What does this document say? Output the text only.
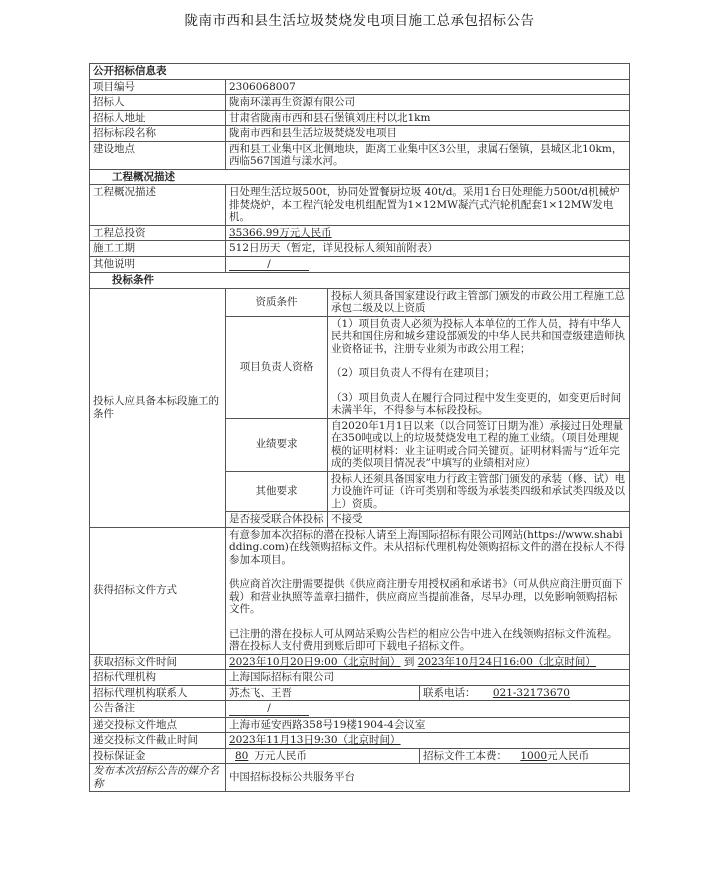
陇南市西和县生活垃圾焚烧发电项目施工总承包招标公告
公开招标信息表			
项目编号	2306068007		
招标人	陇南环漾再生资源有限公司		
招标人地址	甘肃省陇南市西和县石堡镇刘庄村以北1km		
招标标段名称	陇南市西和县生活垃圾焚烧发电项目		
建设地点	西和县工业集中区北侧地块，距离工业集中区3公里，隶属石堡镇，县城区北10km，西临567国道与漾水河。		
工程概况描述			
工程概况描述	日处理生活垃圾500t，协同处置餐厨垃圾 40t/d。采用1台日处理能力500t/d机械炉排焚烧炉，本工程汽轮发电机组配置为1×12MW凝汽式汽轮机配套1×12MW发电机。		
工程总投资	35366.99万元人民币		
施工工期	512日历天（暂定，详见投标人须知前附表）		
其他说明	/		
投标条件			
投标人应具备本标段施工的条件	资质条件	投标人须具备国家建设行政主管部门颁发的市政公用工程施工总承包二级及以上资质	
	项目负责人资格	（1）项目负责人必须为投标人本单位的工作人员，持有中华人民共和国住房和城乡建设部颁发的中华人民共和国壹级建造师执业资格证书，注册专业须为市政公用工程；

（2）项目负责人不得有在建项目；

（3）项目负责人在履行合同过程中发生变更的，如变更后时间未满半年，不得参与本标段投标。	

	业绩要求	自2020年1月1日以来（以合同签订日期为准）承接过日处理量在350吨或以上的垃圾焚烧发电工程的施工业绩。（项目处理规模的证明材料：业主证明或合同关键页。证明材料需与“近年完成的类似项目情况表”中填写的业绩相对应）	
	其他要求	投标人还须具备国家电力行政主管部门颁发的承装（修、试）电力设施许可证（许可类别和等级为承装类四级和承试类四级及以上）资质。	
	是否接受联合体投标	不接受	
获得招标文件方式	有意参加本次招标的潜在投标人请至上海国际招标有限公司网站(https://www.shabidding.com)在线领购招标文件。未从招标代理机构处领购招标文件的潜在投标人不得参加本项目。

供应商首次注册需要提供《供应商注册专用授权函和承诺书》（可从供应商注册页面下载）和营业执照等盖章扫描件，供应商应当提前准备，尽早办理，以免影响领购招标文件。

已注册的潜在投标人可从网站采购公告栏的相应公告中进入在线领购招标文件流程。潜在投标人支付费用到账后即可下载电子招标文件。		

获取招标文件时间	2023年10月20日9:00（北京时间） 到 2023年10月24日16:00（北京时间）		
招标代理机构	上海国际招标有限公司		
招标代理机构联系人	苏杰飞、王晋		联系电话： 021-32173670
公告备注	/		
递交投标文件地点	上海市延安西路358号19楼1904-4会议室		
递交投标文件截止时间	2023年11月13日9:30（北京时间）		
投标保证金	80 万元人民币		招标文件工本费： 1000元人民币
发布本次招标公告的媒介名称	中国招标投标公共服务平台		
